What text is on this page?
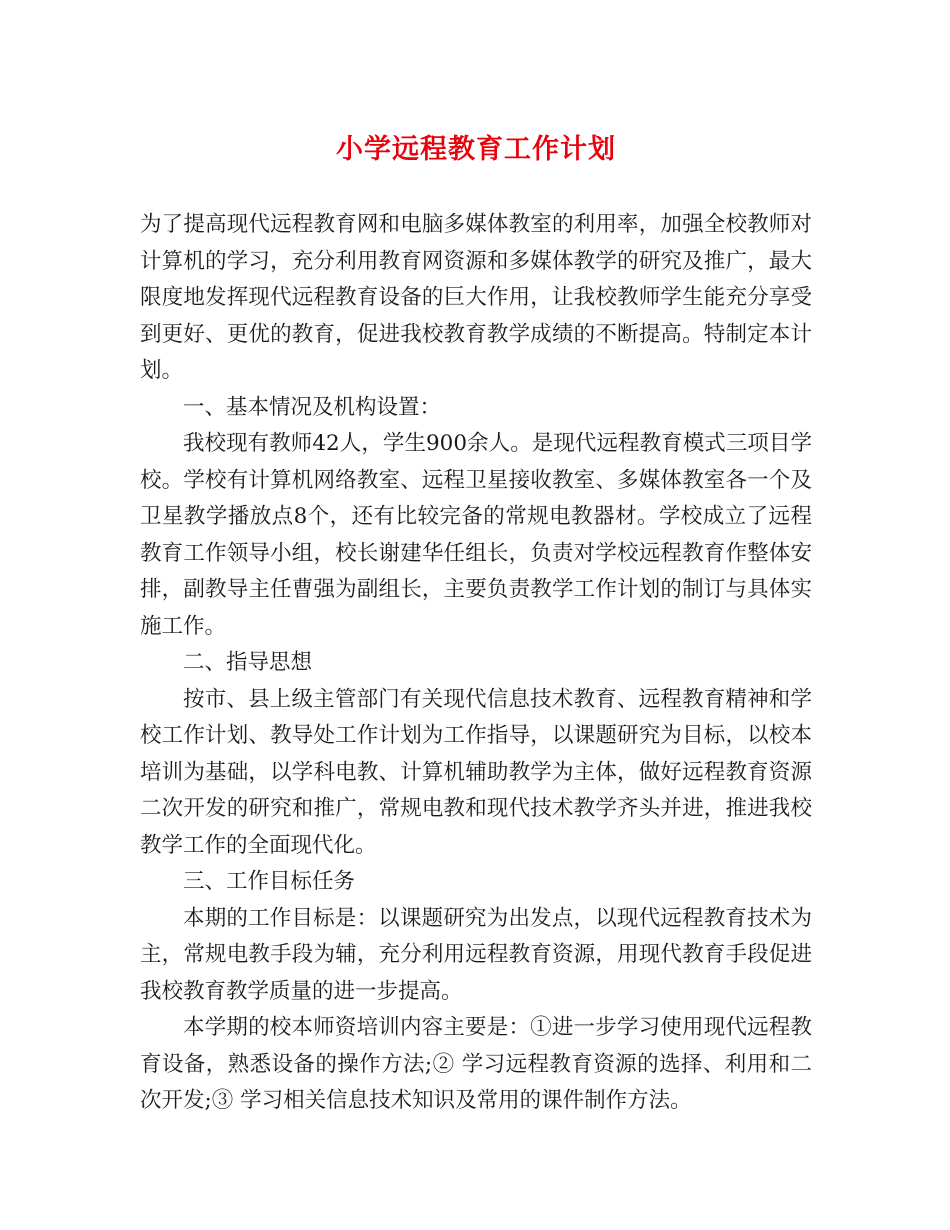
小学远程教育工作计划

为了提高现代远程教育网和电脑多媒体教室的利用率，加强全校教师对计算机的学习，充分利用教育网资源和多媒体教学的研究及推广，最大限度地发挥现代远程教育设备的巨大作用，让我校教师学生能充分享受到更好、更优的教育，促进我校教育教学成绩的不断提高。特制定本计划。

一、基本情况及机构设置：

我校现有教师42人，学生900余人。是现代远程教育模式三项目学校。学校有计算机网络教室、远程卫星接收教室、多媒体教室各一个及卫星教学播放点8个，还有比较完备的常规电教器材。学校成立了远程教育工作领导小组，校长谢建华任组长，负责对学校远程教育作整体安排，副教导主任曹强为副组长，主要负责教学工作计划的制订与具体实施工作。

二、指导思想

按市、县上级主管部门有关现代信息技术教育、远程教育精神和学校工作计划、教导处工作计划为工作指导，以课题研究为目标，以校本培训为基础，以学科电教、计算机辅助教学为主体，做好远程教育资源二次开发的研究和推广，常规电教和现代技术教学齐头并进，推进我校教学工作的全面现代化。

三、工作目标任务

本期的工作目标是：以课题研究为出发点，以现代远程教育技术为主，常规电教手段为辅，充分利用远程教育资源，用现代教育手段促进我校教育教学质量的进一步提高。

本学期的校本师资培训内容主要是：①进一步学习使用现代远程教育设备，熟悉设备的操作方法;② 学习远程教育资源的选择、利用和二次开发;③ 学习相关信息技术知识及常用的课件制作方法。
